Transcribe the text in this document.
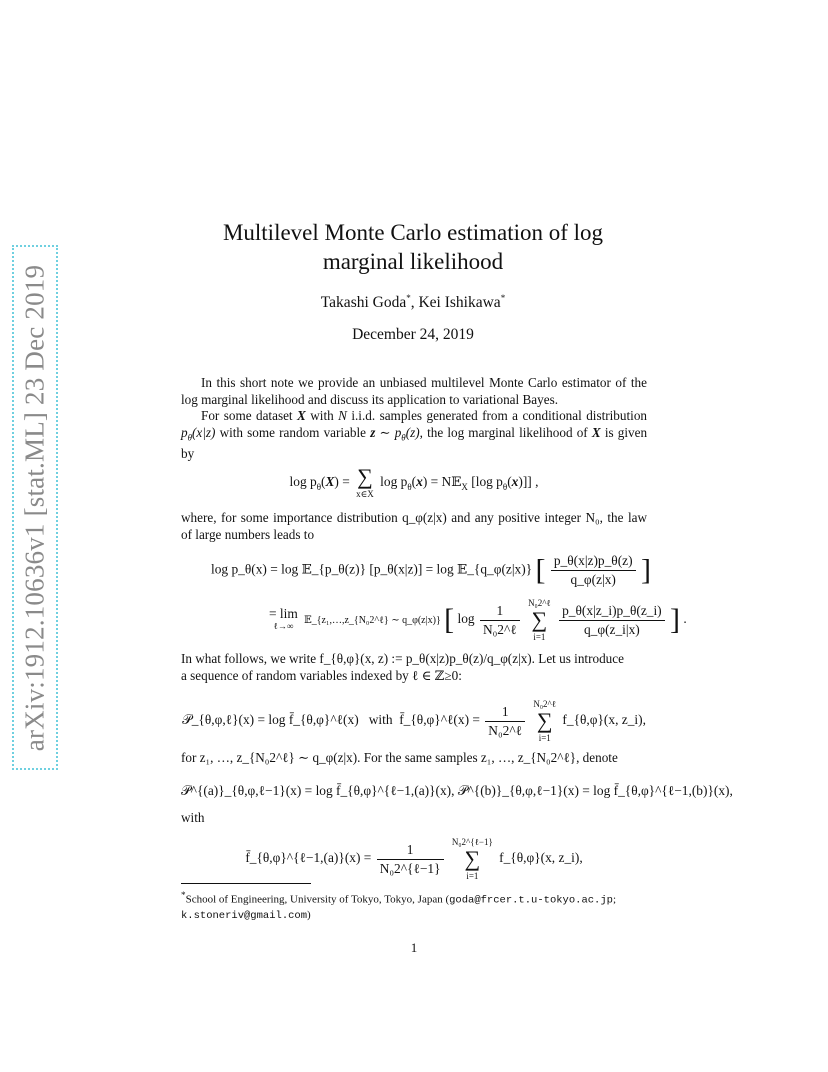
arXiv:1912.10636v1 [stat.ML] 23 Dec 2019
Multilevel Monte Carlo estimation of log
marginal likelihood
Takashi Goda*, Kei Ishikawa*
December 24, 2019
In this short note we provide an unbiased multilevel Monte Carlo estimator of the log marginal likelihood and discuss its application to variational Bayes.
For some dataset X with N i.i.d. samples generated from a conditional distribution $p_\theta(x|z)$ with some random variable z ∼ $p_\theta(z)$, the log marginal likelihood of X is given by
$\log p_\theta(X)$ = ∑
x∈X
$\log p_\theta(x)$ = N𝔼$_X$ [log $p_\theta(x)$]] ,
where, for some importance distribution q_φ(z|x) and any positive integer N₀, the law of large numbers leads to
log p_θ(x) = log 𝔼_{p_θ(z)} [p_θ(x|z)] = log 𝔼_{q_φ(z|x)} [ $\frac{p\_\theta(x|z)p\_\theta(z)}{q\_\varphi(z|x)}$ ]
= lim
ℓ→∞	𝔼_{z₁,…,z_{N₀2^ℓ} ∼ q_φ(z|x)} [ $\log \frac{1}{\text{N₀2\textasciicircum{}ℓ}}$
N₀2^ℓ
∑
i=1
	$\frac{p\_\theta(x|z\_i)p\_\theta(z\_i)}{q\_\varphi(z\_i|x)}$ ] .
In what follows, we write f_{θ,φ}(x, z) := p_θ(x|z)p_θ(z)/q_φ(z|x). Let us introduce
a sequence of random variables indexed by ℓ ∈ ℤ≥0:
𝒫_{θ,φ,ℓ}(x) = log f̄_{θ,φ}^ℓ(x) with f̄_{θ,φ}^ℓ(x) = $\frac{1}{\text{N₀2\textasciicircum{}ℓ}}$
N₀2^ℓ
∑
i=1
f_{θ,φ}(x, z_i),
for z₁, …, z_{N₀2^ℓ} ∼ q_φ(z|x). For the same samples z₁, …, z_{N₀2^ℓ}, denote
𝒫^{(a)}_{θ,φ,ℓ−1}(x) = log f̄_{θ,φ}^{ℓ−1,(a)}(x), 𝒫^{(b)}_{θ,φ,ℓ−1}(x) = log f̄_{θ,φ}^{ℓ−1,(b)}(x),
with
f̄_{θ,φ}^{ℓ−1,(a)}(x) = $\frac{1}{\text{N₀2\textasciicircum{}\{ℓ−1\}}}$
N₀2^{ℓ−1}
∑
i=1
f_{θ,φ}(x, z_i),
*School of Engineering, University of Tokyo, Tokyo, Japan (goda@frcer.t.u-tokyo.ac.jp;
k.stoneriv@gmail.com)
1
